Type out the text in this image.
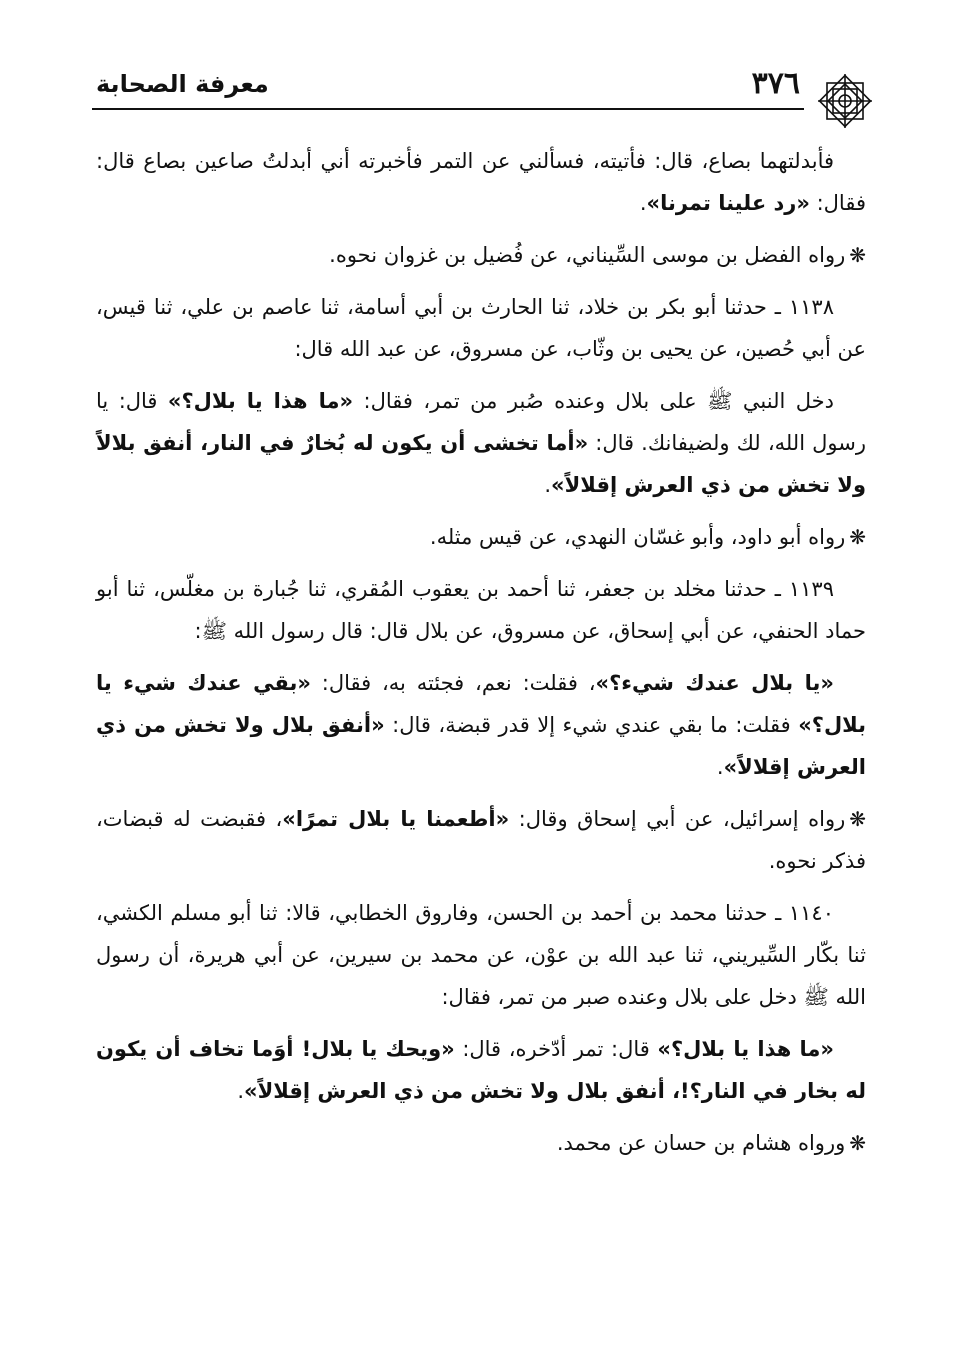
٣٧٦
معرفة الصحابة

فأبدلتهما بصاع، قال: فأتيته، فسألني عن التمر فأخبرته أني أبدلتُ صاعين بصاع قال: فقال: «رد علينا تمرنا».

❋رواه الفضل بن موسى السِّيناني، عن فُضيل بن غزوان نحوه.

١١٣٨ ـ حدثنا أبو بكر بن خلاد، ثنا الحارث بن أبي أسامة، ثنا عاصم بن علي، ثنا قيس، عن أبي حُصين، عن يحيى بن وثّاب، عن مسروق، عن عبد الله قال:

دخل النبي ﷺ على بلال وعنده صُبر من تمر، فقال: «ما هذا يا بلال؟» قال: يا رسول الله، لك ولضيفانك. قال: «أما تخشى أن يكون له بُخارٌ في النار، أنفق بلالاً ولا تخش من ذي العرش إقلالاً».

❋رواه أبو داود، وأبو غسّان النهدي، عن قيس مثله.

١١٣٩ ـ حدثنا مخلد بن جعفر، ثنا أحمد بن يعقوب المُقري، ثنا جُبارة بن مغلّس، ثنا أبو حماد الحنفي، عن أبي إسحاق، عن مسروق، عن بلال قال: قال رسول الله ﷺ:

«يا بلال عندك شيء؟»، فقلت: نعم، فجئته به، فقال: «بقي عندك شيء يا بلال؟» فقلت: ما بقي عندي شيء إلا قدر قبضة، قال: «أنفق بلال ولا تخش من ذي العرش إقلالاً».

❋رواه إسرائيل، عن أبي إسحاق وقال: «أطعمنا يا بلال تمرًا»، فقبضت له قبضات، فذكر نحوه.

١١٤٠ ـ حدثنا محمد بن أحمد بن الحسن، وفاروق الخطابي، قالا: ثنا أبو مسلم الكشي، ثنا بكّار السِّيريني، ثنا عبد الله بن عوْن، عن محمد بن سيرين، عن أبي هريرة، أن رسول الله ﷺ دخل على بلال وعنده صبر من تمر، فقال:

«ما هذا يا بلال؟» قال: تمر أدّخره، قال: «ويحك يا بلال! أوَما تخاف أن يكون له بخار في النار؟!، أنفق بلال ولا تخش من ذي العرش إقلالاً».

❋ورواه هشام بن حسان عن محمد.
